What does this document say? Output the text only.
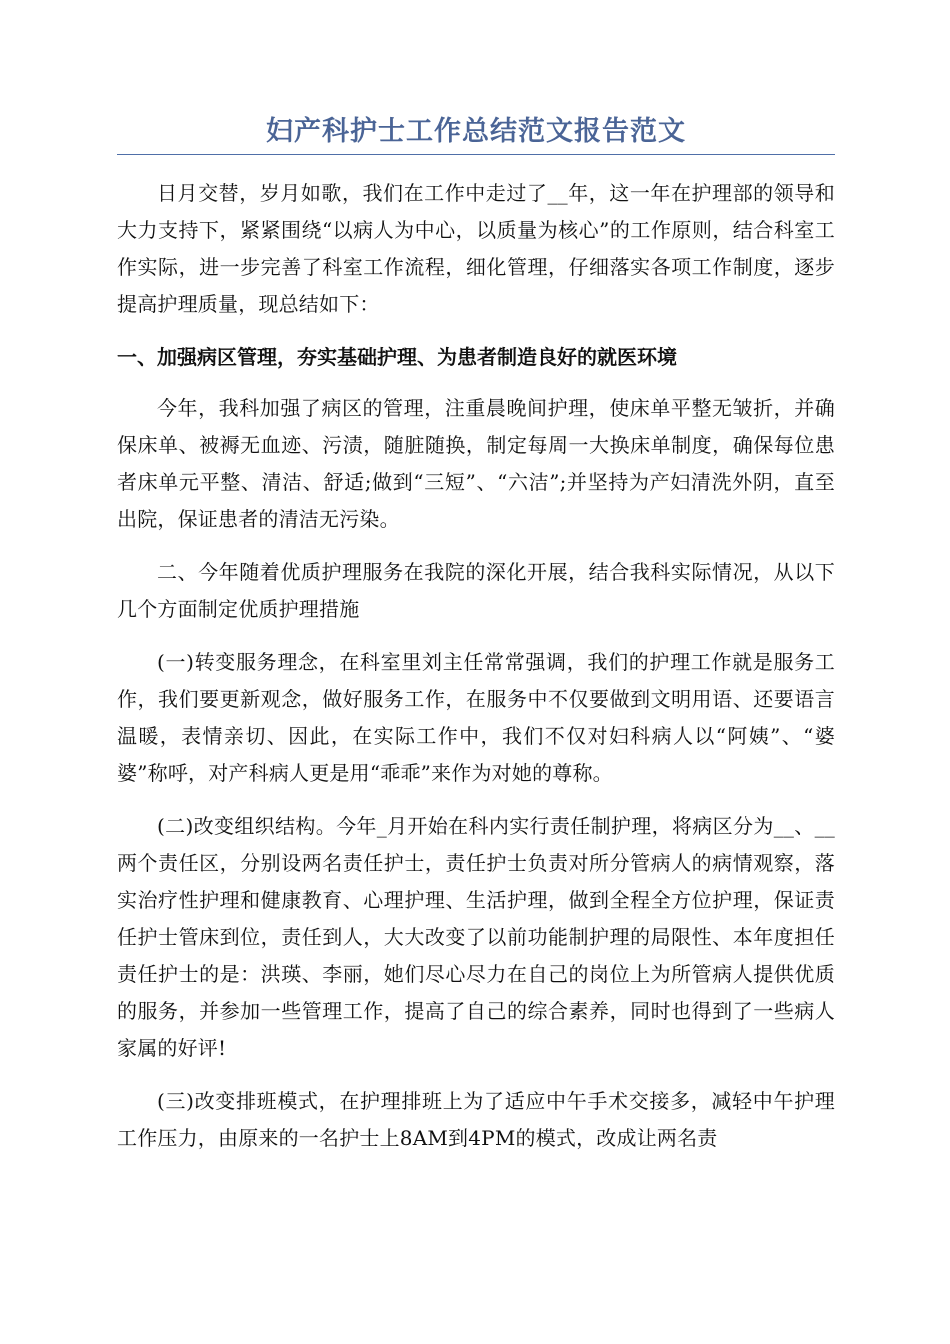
妇产科护士工作总结范文报告范文

日月交替，岁月如歌，我们在工作中走过了__年，这一年在护理部的领导和大力支持下，紧紧围绕“以病人为中心，以质量为核心”的工作原则，结合科室工作实际，进一步完善了科室工作流程，细化管理，仔细落实各项工作制度，逐步提高护理质量，现总结如下：

一、加强病区管理，夯实基础护理、为患者制造良好的就医环境

今年，我科加强了病区的管理，注重晨晚间护理，使床单平整无皱折，并确保床单、被褥无血迹、污渍，随脏随换，制定每周一大换床单制度，确保每位患者床单元平整、清洁、舒适;做到“三短”、“六洁”;并坚持为产妇清洗外阴，直至出院，保证患者的清洁无污染。

二、今年随着优质护理服务在我院的深化开展，结合我科实际情况，从以下几个方面制定优质护理措施

(一)转变服务理念，在科室里刘主任常常强调，我们的护理工作就是服务工作，我们要更新观念，做好服务工作，在服务中不仅要做到文明用语、还要语言温暖，表情亲切、因此，在实际工作中，我们不仅对妇科病人以“阿姨”、“婆婆”称呼，对产科病人更是用“乖乖”来作为对她的尊称。

(二)改变组织结构。今年_月开始在科内实行责任制护理，将病区分为__、__两个责任区，分别设两名责任护士，责任护士负责对所分管病人的病情观察，落实治疗性护理和健康教育、心理护理、生活护理，做到全程全方位护理，保证责任护士管床到位，责任到人，大大改变了以前功能制护理的局限性、本年度担任责任护士的是：洪瑛、李丽，她们尽心尽力在自己的岗位上为所管病人提供优质的服务，并参加一些管理工作，提高了自己的综合素养，同时也得到了一些病人家属的好评!

(三)改变排班模式，在护理排班上为了适应中午手术交接多，减轻中午护理工作压力，由原来的一名护士上8AM到4PM的模式，改成让两名责
